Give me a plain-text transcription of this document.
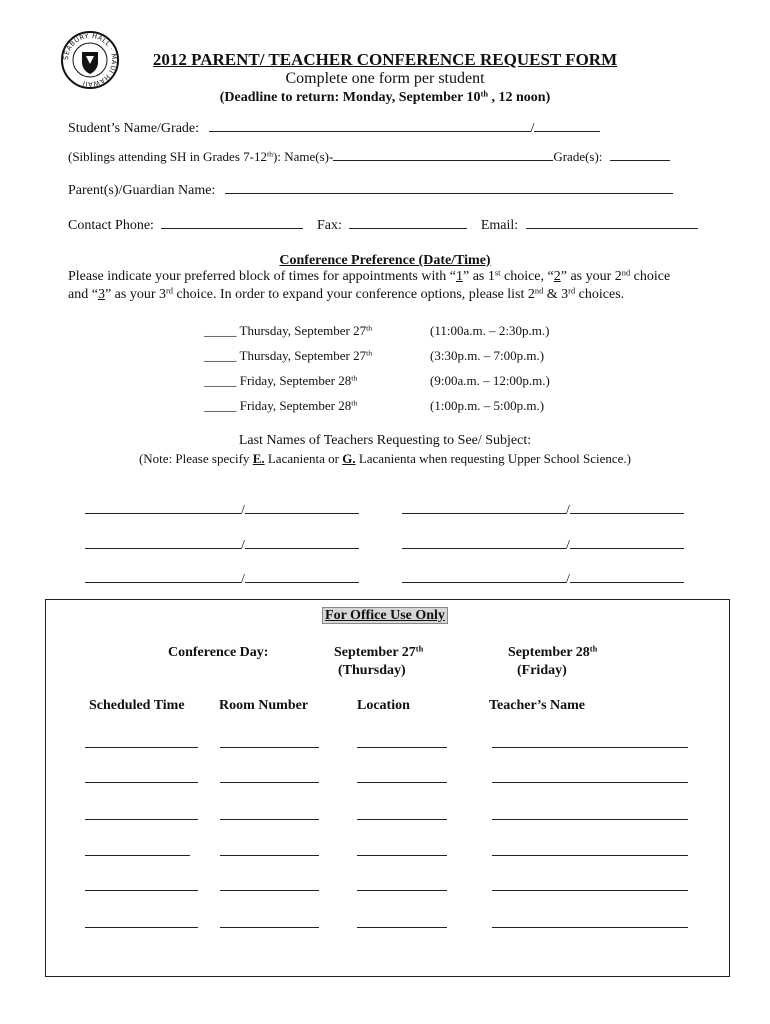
SEABURY HALL · MAUI HAWAII
2012 PARENT/ TEACHER CONFERENCE REQUEST FORM
Complete one form per student
(Deadline to return: Monday, September 10th , 12 noon)
Student’s Name/Grade:	/
(Siblings attending SH in Grades 7-12th): Name(s)-	Grade(s):
Parent(s)/Guardian Name:
Contact Phone:	Fax:	Email:
Conference Preference (Date/Time)
Please indicate your preferred block of times for appointments with “1” as 1st choice, “2” as your 2nd choice and “3” as your 3rd choice. In order to expand your conference options, please list 2nd & 3rd choices.
_____ Thursday, September 27th	(11:00a.m. – 2:30p.m.)
_____ Thursday, September 27th	(3:30p.m. – 7:00p.m.)
_____ Friday, September 28th	(9:00a.m. – 12:00p.m.)
_____ Friday, September 28th	(1:00p.m. – 5:00p.m.)
Last Names of Teachers Requesting to See/ Subject:
(Note: Please specify E. Lacanienta or G. Lacanienta when requesting Upper School Science.)
/
/
/
/
/
/
For Office Use Only
Conference Day:	September 27th
(Thursday)
September 28th
(Friday)
Scheduled Time Room Number	Location	Teacher’s Name
